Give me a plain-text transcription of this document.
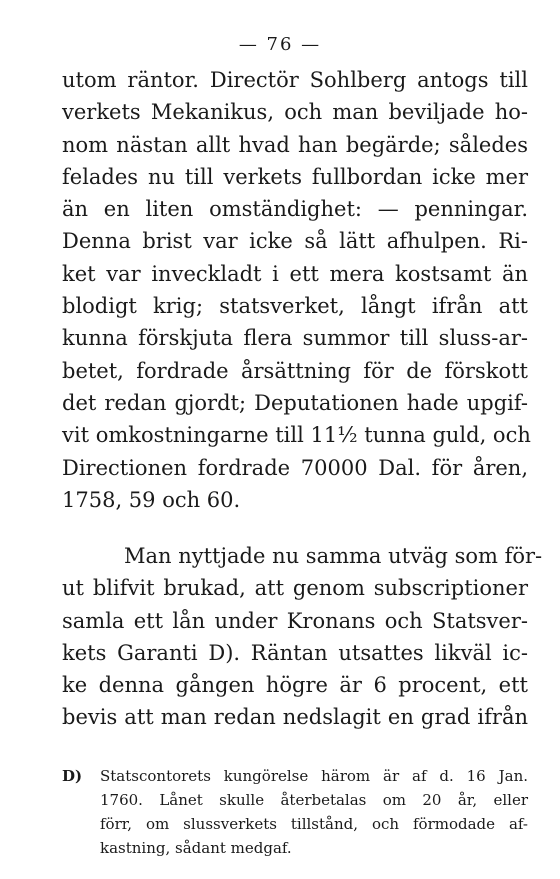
— 76 —
utom räntor. Directör Sohlberg antogs till
verkets Mekanikus, och man beviljade ho-
nom nästan allt hvad han begärde; således
felades nu till verkets fullbordan icke mer
än en liten omständighet: — penningar.
Denna brist var icke så lätt afhulpen. Ri-
ket var inveckladt i ett mera kostsamt än
blodigt krig; statsverket, långt ifrån att
kunna förskjuta flera summor till sluss-ar-
betet, fordrade årsättning för de förskott
det redan gjordt; Deputationen hade upgif-
vit omkostningarne till 11½ tunna guld, och
Directionen fordrade 70000 Dal. för åren,
1758, 59 och 60.
Man nyttjade nu samma utväg som för-
ut blifvit brukad, att genom subscriptioner
samla ett lån under Kronans och Statsver-
kets Garanti D). Räntan utsattes likväl ic-
ke denna gången högre är 6 procent, ett
bevis att man redan nedslagit en grad ifrån
D)	Statscontorets kungörelse härom är af d. 16 Jan.
1760. Lånet skulle återbetalas om 20 år, eller
förr, om slussverkets tillstånd, och förmodade af-
kastning, sådant medgaf.
